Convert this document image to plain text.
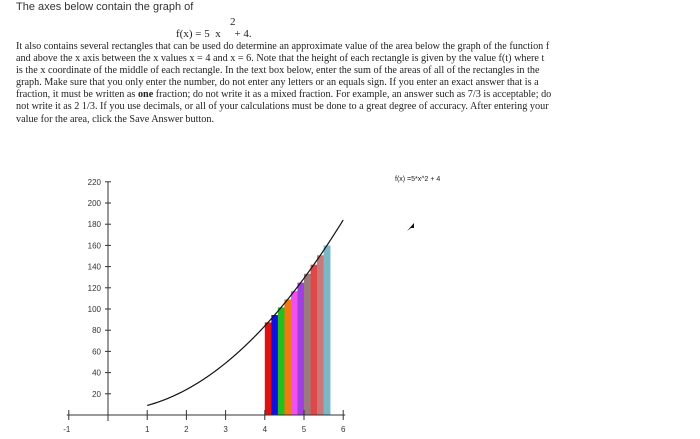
The axes below contain the graph of
2
f(x) = 5  x     + 4.
It also contains several rectangles that can be used do determine an approximate value of the area below the graph of the function f
and above the x axis between the x values x = 4 and x = 6. Note that the height of each rectangle is given by the value f(t) where t
is the x coordinate of the middle of each rectangle. In the text box below, enter the sum of the areas of all of the rectangles in the
graph. Make sure that you only enter the number, do not enter any letters or an equals sign. If you enter an exact answer that is a
fraction, it must be written as one fraction; do not write it as a mixed fraction. For example, an answer such as 7/3 is acceptable; do
not write it as 2 1/3. If you use decimals, or all of your calculations must be done to a great degree of accuracy. After entering your
value for the area, click the Save Answer button.
-1	1	2	3	4	5	6
20
40
60
80
100
120
140
160
180
200
220	f(x) =5*x^2 + 4
